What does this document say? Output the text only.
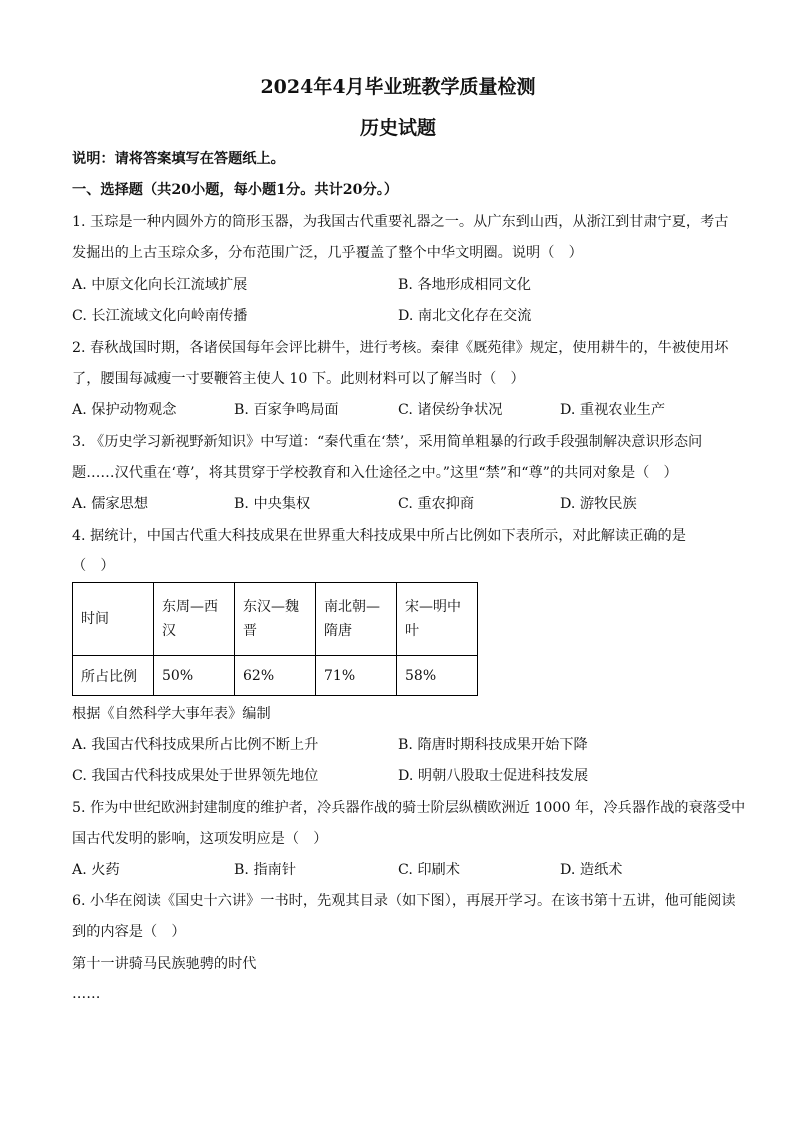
2024年4月毕业班教学质量检测
历史试题
说明：请将答案填写在答题纸上。
一、选择题（共20小题，每小题1分。共计20分。）
1. 玉琮是一种内圆外方的筒形玉器，为我国古代重要礼器之一。从广东到山西，从浙江到甘肃宁夏，考古
发掘出的上古玉琮众多，分布范围广泛，几乎覆盖了整个中华文明圈。说明（　）
A. 中原文化向长江流域扩展	B. 各地形成相同文化
C. 长江流域文化向岭南传播	D. 南北文化存在交流
2. 春秋战国时期，各诸侯国每年会评比耕牛，进行考核。秦律《厩苑律》规定，使用耕牛的，牛被使用坏
了，腰围每减瘦一寸要鞭笞主使人 10 下。此则材料可以了解当时（　）
A. 保护动物观念	B. 百家争鸣局面	C. 诸侯纷争状况	D. 重视农业生产
3. 《历史学习新视野新知识》中写道：“秦代重在‘禁’，采用简单粗暴的行政手段强制解决意识形态问
题……汉代重在‘尊’，将其贯穿于学校教育和入仕途径之中。”这里“禁”和“尊”的共同对象是（　）
A. 儒家思想	B. 中央集权	C. 重农抑商	D. 游牧民族
4. 据统计，中国古代重大科技成果在世界重大科技成果中所占比例如下表所示，对此解读正确的是
（　）
时间	东周—西汉	东汉—魏晋	南北朝—隋唐	宋—明中叶
所占比例	50%	62%	71%	58%
根据《自然科学大事年表》编制
A. 我国古代科技成果所占比例不断上升	B. 隋唐时期科技成果开始下降
C. 我国古代科技成果处于世界领先地位	D. 明朝八股取士促进科技发展
5. 作为中世纪欧洲封建制度的维护者，冷兵器作战的骑士阶层纵横欧洲近 1000 年，冷兵器作战的衰落受中
国古代发明的影响，这项发明应是（　）
A. 火药	B. 指南针	C. 印刷术	D. 造纸术
6. 小华在阅读《国史十六讲》一书时，先观其目录（如下图），再展开学习。在该书第十五讲，他可能阅读
到的内容是（　）
第十一讲骑马民族驰骋的时代
……
